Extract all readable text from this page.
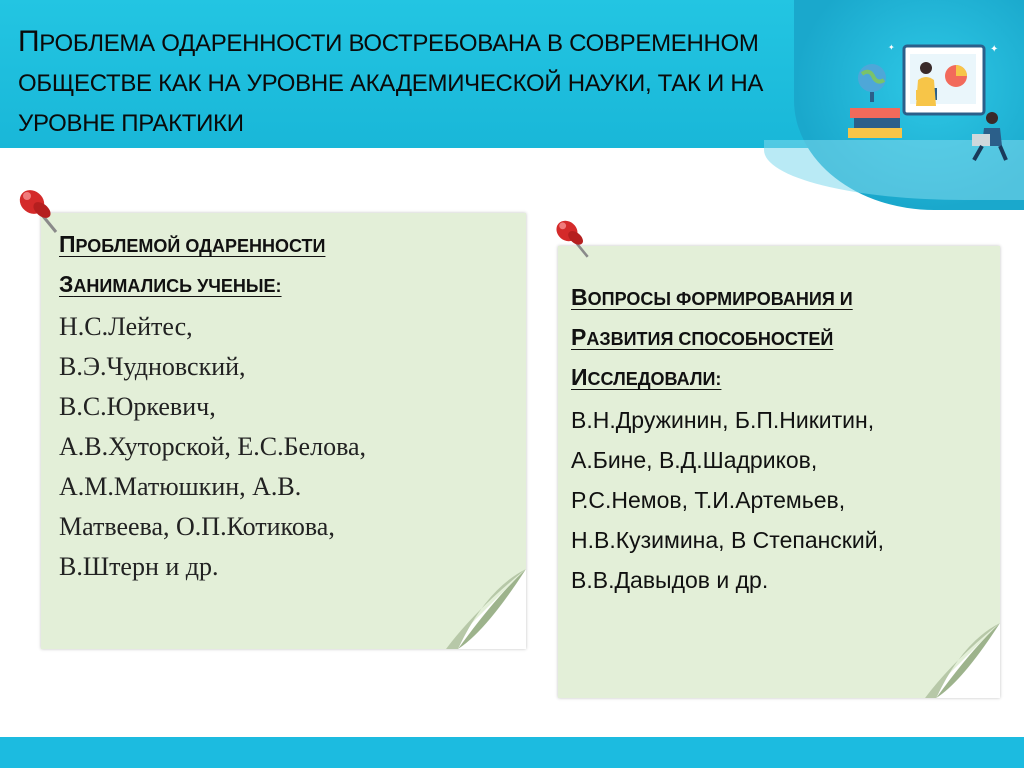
ПРОБЛЕМА ОДАРЕННОСТИ ВОСТРЕБОВАНА В СОВРЕМЕННОМ ОБЩЕСТВЕ КАК НА УРОВНЕ АКАДЕМИЧЕСКОЙ НАУКИ, ТАК И НА УРОВНЕ ПРАКТИКИ
✦
✦

ПРОБЛЕМОЙ ОДАРЕННОСТИ

ЗАНИМАЛИСЬ УЧЕНЫЕ:

Н.С.Лейтес,
В.Э.Чудновский,
В.С.Юркевич,
А.В.Хуторской, Е.С.Белова,
А.М.Матюшкин, А.В.
Матвеева, О.П.Котикова,
В.Штерн и др.

ВОПРОСЫ ФОРМИРОВАНИЯ И

РАЗВИТИЯ СПОСОБНОСТЕЙ

ИССЛЕДОВАЛИ:

В.Н.Дружинин, Б.П.Никитин,
А.Бине, В.Д.Шадриков,
Р.С.Немов, Т.И.Артемьев,
Н.В.Кузимина, В Степанский,
В.В.Давыдов и др.
